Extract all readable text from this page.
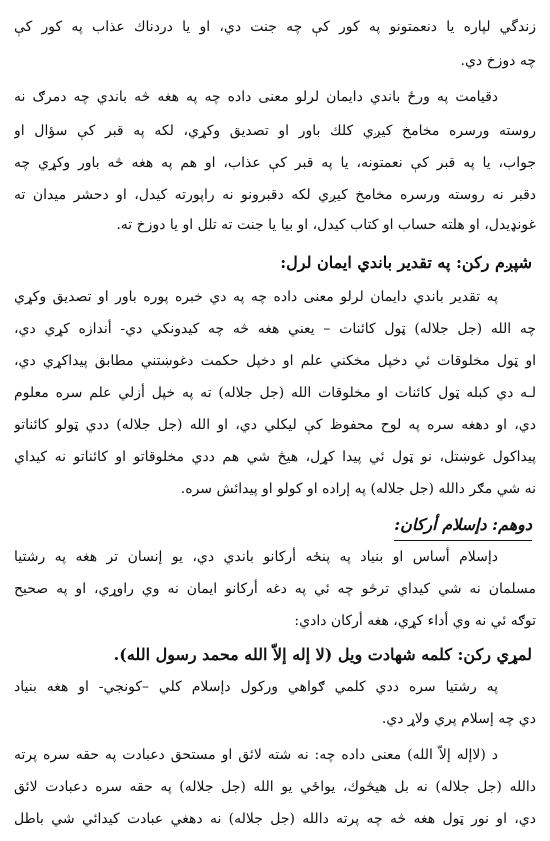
زندگي لپاره يا دنعمتونو په کور کې چه جنت دي، او يا دردناك عذاب په کور کې
چه دوزخ دي.
دقيامت په ورځ باندي دايمان لرلو معنى داده چه په هغه څه باندي چه دمرګ نه
روسته ورسره مخامخ کيږي کلك باور او تصديق وکړي، لکه په قبر کې سؤال او
جواب، يا په قبر کې نعمتونه، يا په قبر کې عذاب، او هم په هغه څه باور وکړي چه
دقبر نه روسته ورسره مخامخ کيږي لکه دقبرونو نه راپورته کيدل، او دحشر ميدان ته
غونډيدل، او هلته حساب او کتاب کيدل، او بيا يا جنت ته تلل او يا دوزخ ته.
شپږم رکن: په تقدير باندي ايمان لرل:
په تقدير باندي دايمان لرلو معنى داده چه په دي خبره پوره باور او تصديق وکړي
چه الله (جل جلاله) ټول کائنات – يعني هغه څه چه کيدونکي دي- أندازه کړي دي،
او ټول مخلوقات ئي دخپل مخکني علم او دخپل حکمت دغوښتني مطابق پيداکړي دي،
لـه دي کبله ټول کائنات او مخلوقات الله (جل جلاله) ته په خپل أزلي علم سره معلوم
دي، او دهغه سره په لوح محفوظ کې ليکلي دي، او الله (جل جلاله) ددي ټولو کائناتو
پيداکول غوښتل، نو ټول ئي پيدا کړل، هيڅ شي هم ددي مخلوقاتو او کائناتو نه کيداي
نه شي مګر دالله (جل جلاله) په إراده او کولو او پيدائش سره.
دوهم: دإسلام أرکان:
دإسلام أساس او بنياد په پنځه أرکانو باندي دي، يو إنسان تر هغه په رشتيا
مسلمان نه شي کيداي ترڅو چه ئي په دغه أرکانو ايمان نه وي راوړي، او په صحيح
توګه ئي نه وي أداء کړي، هغه أرکان دادي:
لمړي رکن: کلمه شهادت ويل (لا إله إلاّ الله محمد رسول الله).
په رشتيا سره ددي کلمي ګواهي ورکول دإسلام کلي –کونجي- او هغه بنياد
دي چه إسلام پري ولاړ دي.
د (لاإله إلاّ الله) معنى داده چه: نه شته لائق او مستحق دعبادت په حقه سره پرته
دالله (جل جلاله) نه بل هيڅوك، يواځي يو الله (جل جلاله) په حقه سره دعبادت لائق
دي، او نور ټول هغه څه چه پرته دالله (جل جلاله) نه دهغي عبادت کيدائي شي باطل
